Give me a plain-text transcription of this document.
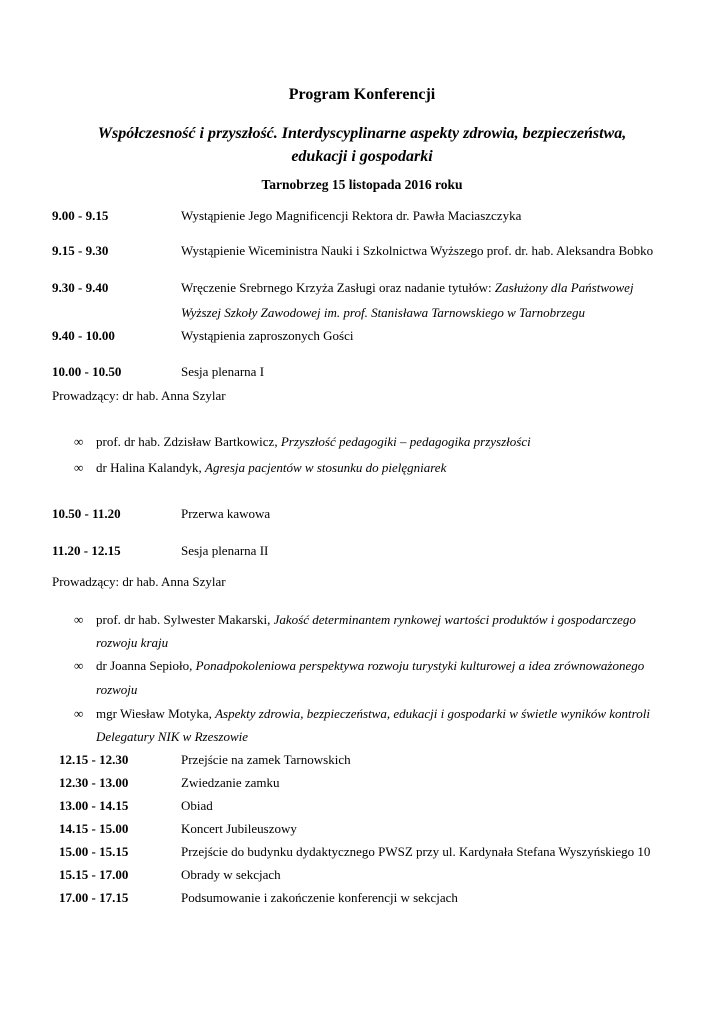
Program Konferencji
Współczesność i przyszłość. Interdyscyplinarne aspekty zdrowia, bezpieczeństwa,
edukacji i gospodarki
Tarnobrzeg 15 listopada 2016 roku
9.00 - 9.15	Wystąpienie Jego Magnificencji Rektora dr. Pawła Maciaszczyka
9.15 - 9.30	Wystąpienie Wiceministra Nauki i Szkolnictwa Wyższego prof. dr. hab. Aleksandra Bobko
9.30 - 9.40	Wręczenie Srebrnego Krzyża Zasługi oraz nadanie tytułów: Zasłużony dla Państwowej
Wyższej Szkoły Zawodowej im. prof. Stanisława Tarnowskiego w Tarnobrzegu
9.40 - 10.00	Wystąpienia zaproszonych Gości
10.00 - 10.50	Sesja plenarna I
Prowadzący: dr hab. Anna Szylar
∞ prof. dr hab. Zdzisław Bartkowicz, Przyszłość pedagogiki – pedagogika przyszłości
∞ dr Halina Kalandyk, Agresja pacjentów w stosunku do pielęgniarek
10.50 - 11.20	Przerwa kawowa
11.20 - 12.15	Sesja plenarna II
Prowadzący: dr hab. Anna Szylar
∞ prof. dr hab. Sylwester Makarski, Jakość determinantem rynkowej wartości produktów i gospodarczego
rozwoju kraju
∞ dr Joanna Sepioło, Ponadpokoleniowa perspektywa rozwoju turystyki kulturowej a idea zrównoważonego
rozwoju
∞ mgr Wiesław Motyka, Aspekty zdrowia, bezpieczeństwa, edukacji i gospodarki w świetle wyników kontroli
Delegatury NIK w Rzeszowie
12.15 - 12.30	Przejście na zamek Tarnowskich
12.30 - 13.00	Zwiedzanie zamku
13.00 - 14.15	Obiad
14.15 - 15.00	Koncert Jubileuszowy
15.00 - 15.15	Przejście do budynku dydaktycznego PWSZ przy ul. Kardynała Stefana Wyszyńskiego 10
15.15 - 17.00	Obrady w sekcjach
17.00 - 17.15	Podsumowanie i zakończenie konferencji w sekcjach
